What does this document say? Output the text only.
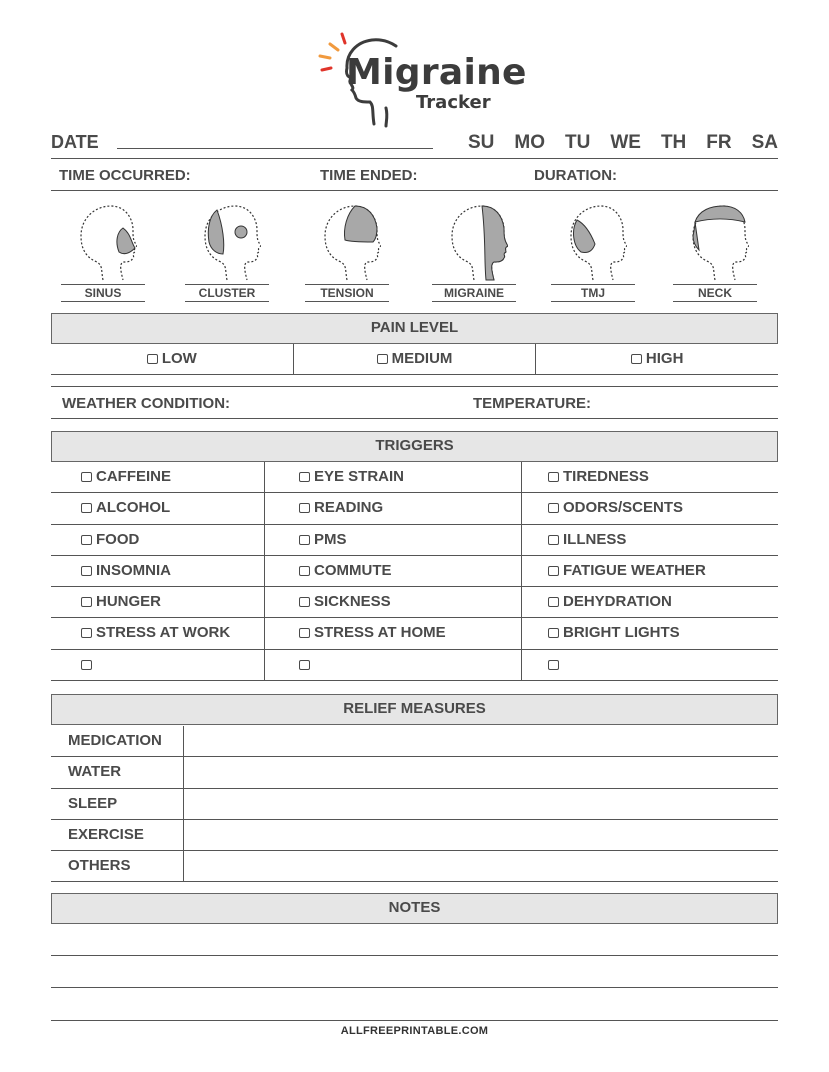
Migraine
Tracker
DATE	SU MO TU WE TH FR SA
TIME OCCURRED:	TIME ENDED:	DURATION:
SINUS	CLUSTER	TENSION	MIGRAINE	TMJ	NECK
PAIN LEVEL
LOW	MEDIUM	HIGH
WEATHER CONDITION:	TEMPERATURE:
TRIGGERS
CAFFEINE	EYE STRAIN	TIREDNESS
ALCOHOL	READING	ODORS/SCENTS
FOOD	PMS	ILLNESS
INSOMNIA	COMMUTE	FATIGUE WEATHER
HUNGER	SICKNESS	DEHYDRATION
STRESS AT WORK	STRESS AT HOME	BRIGHT LIGHTS
RELIEF MEASURES
MEDICATION
WATER
SLEEP
EXERCISE
OTHERS
NOTES
ALLFREEPRINTABLE.COM
